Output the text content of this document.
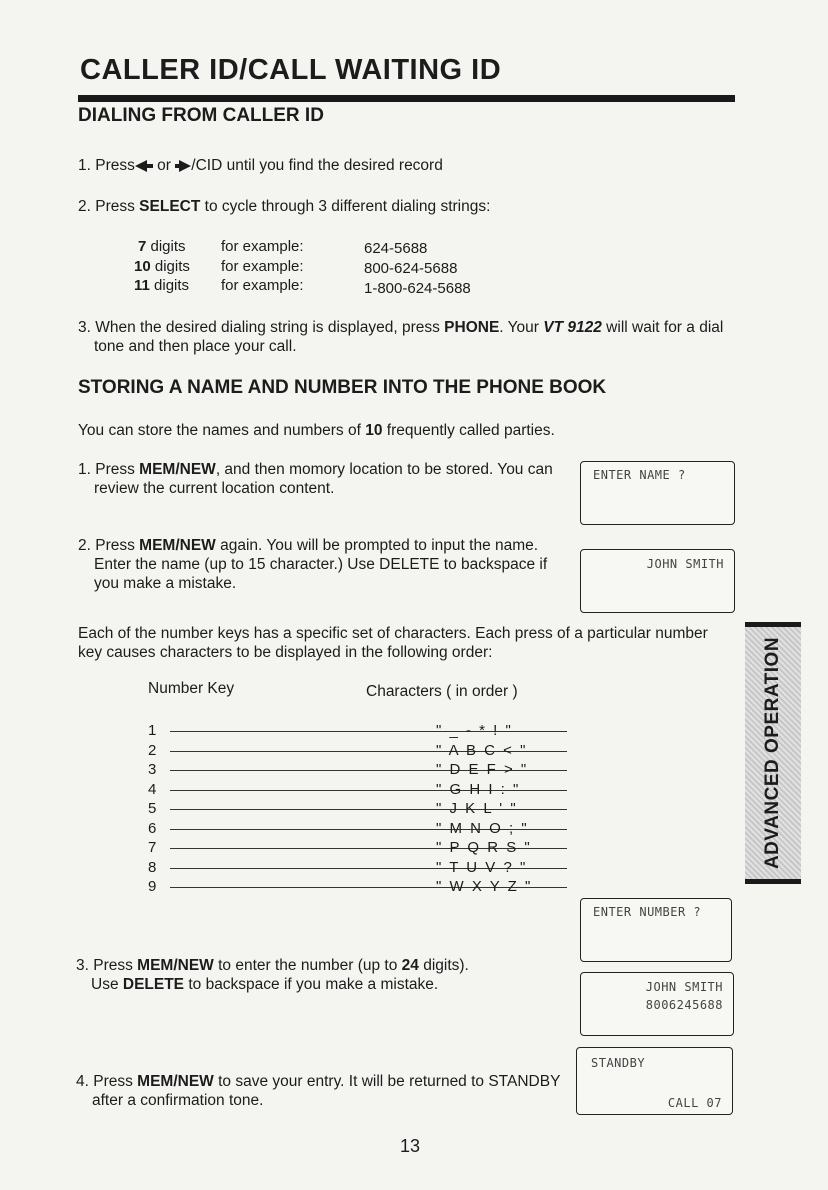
CALLER ID/CALL WAITING ID
DIALING FROM CALLER ID
1. Press or /CID until you find the desired record
2. Press SELECT to cycle through 3 different dialing strings:
7 digits for example:	624-5688
10 digits for example:	800-624-5688
11 digits for example:	1-800-624-5688
3. When the desired dialing string is displayed, press PHONE. Your VT 9122 will wait for a dial
tone and then place your call.
STORING A NAME AND NUMBER INTO THE PHONE BOOK
You can store the names and numbers of 10 frequently called parties.
1. Press MEM/NEW, and then momory location to be stored. You can
review the current location content.
2. Press MEM/NEW again. You will be prompted to input the name.
Enter the name (up to 15 character.) Use DELETE to backspace if
you make a mistake.
Each of the number keys has a specific set of characters. Each press of a particular number
key causes characters to be displayed in the following order:
Number Key	Characters ( in order )
1	" _ - * ! "
2	" A B C < "
3	" D E F > "
4	" G H I : "
5	" J K L ' "
6	" M N O ; "
7	" P Q R S "
8	" T U V ? "
9	" W X Y Z "
3. Press MEM/NEW to enter the number (up to 24 digits).
Use DELETE to backspace if you make a mistake.
4. Press MEM/NEW to save your entry. It will be returned to STANDBY
after a confirmation tone.
ENTER NAME ?
JOHN SMITH
ENTER NUMBER ?
JOHN SMITH
8006245688
STANDBY
CALL 07
ADVANCED OPERATION
13
